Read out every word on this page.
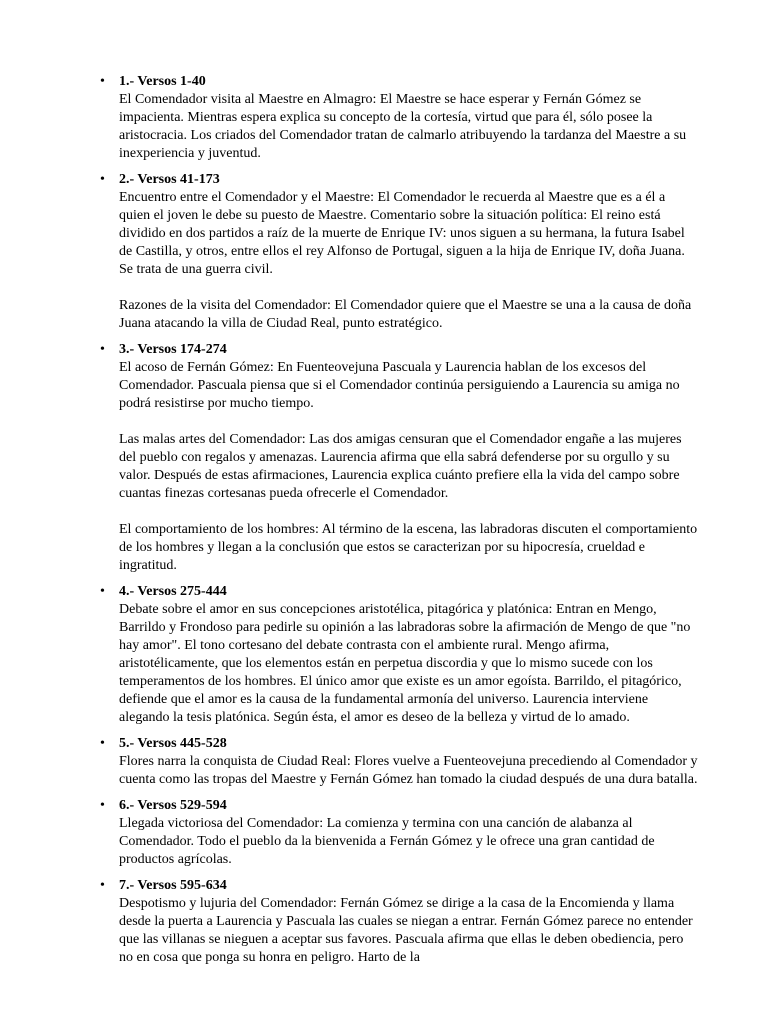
•	1.- Versos 1-40

El Comendador visita al Maestre en Almagro: El Maestre se hace esperar y Fernán Gómez se impacienta. Mientras espera explica su concepto de la cortesía, virtud que para él, sólo posee la aristocracia. Los criados del Comendador tratan de calmarlo atribuyendo la tardanza del Maestre a su inexperiencia y juventud.

•	2.- Versos 41-173

Encuentro entre el Comendador y el Maestre: El Comendador le recuerda al Maestre que es a él a quien el joven le debe su puesto de Maestre. Comentario sobre la situación política: El reino está dividido en dos partidos a raíz de la muerte de Enrique IV: unos siguen a su hermana, la futura Isabel de Castilla, y otros, entre ellos el rey Alfonso de Portugal, siguen a la hija de Enrique IV, doña Juana. Se trata de una guerra civil.

Razones de la visita del Comendador: El Comendador quiere que el Maestre se una a la causa de doña Juana atacando la villa de Ciudad Real, punto estratégico.

•	3.- Versos 174-274

El acoso de Fernán Gómez: En Fuenteovejuna Pascuala y Laurencia hablan de los excesos del Comendador. Pascuala piensa que si el Comendador continúa persiguiendo a Laurencia su amiga no podrá resistirse por mucho tiempo.

Las malas artes del Comendador: Las dos amigas censuran que el Comendador engañe a las mujeres del pueblo con regalos y amenazas. Laurencia afirma que ella sabrá defenderse por su orgullo y su valor. Después de estas afirmaciones, Laurencia explica cuánto prefiere ella la vida del campo sobre cuantas finezas cortesanas pueda ofrecerle el Comendador.

El comportamiento de los hombres: Al término de la escena, las labradoras discuten el comportamiento de los hombres y llegan a la conclusión que estos se caracterizan por su hipocresía, crueldad e ingratitud.

•	4.- Versos 275-444

Debate sobre el amor en sus concepciones aristotélica, pitagórica y platónica: Entran en Mengo, Barrildo y Frondoso para pedirle su opinión a las labradoras sobre la afirmación de Mengo de que "no hay amor". El tono cortesano del debate contrasta con el ambiente rural. Mengo afirma, aristotélicamente, que los elementos están en perpetua discordia y que lo mismo sucede con los temperamentos de los hombres. El único amor que existe es un amor egoísta. Barrildo, el pitagórico, defiende que el amor es la causa de la fundamental armonía del universo. Laurencia interviene alegando la tesis platónica. Según ésta, el amor es deseo de la belleza y virtud de lo amado.

•	5.- Versos 445-528

Flores narra la conquista de Ciudad Real: Flores vuelve a Fuenteovejuna precediendo al Comendador y cuenta como las tropas del Maestre y Fernán Gómez han tomado la ciudad después de una dura batalla.

•	6.- Versos 529-594

Llegada victoriosa del Comendador: La comienza y termina con una canción de alabanza al Comendador. Todo el pueblo da la bienvenida a Fernán Gómez y le ofrece una gran cantidad de productos agrícolas.

•	7.- Versos 595-634

Despotismo y lujuria del Comendador: Fernán Gómez se dirige a la casa de la Encomienda y llama desde la puerta a Laurencia y Pascuala las cuales se niegan a entrar. Fernán Gómez parece no entender que las villanas se nieguen a aceptar sus favores. Pascuala afirma que ellas le deben obediencia, pero no en cosa que ponga su honra en peligro. Harto de la
